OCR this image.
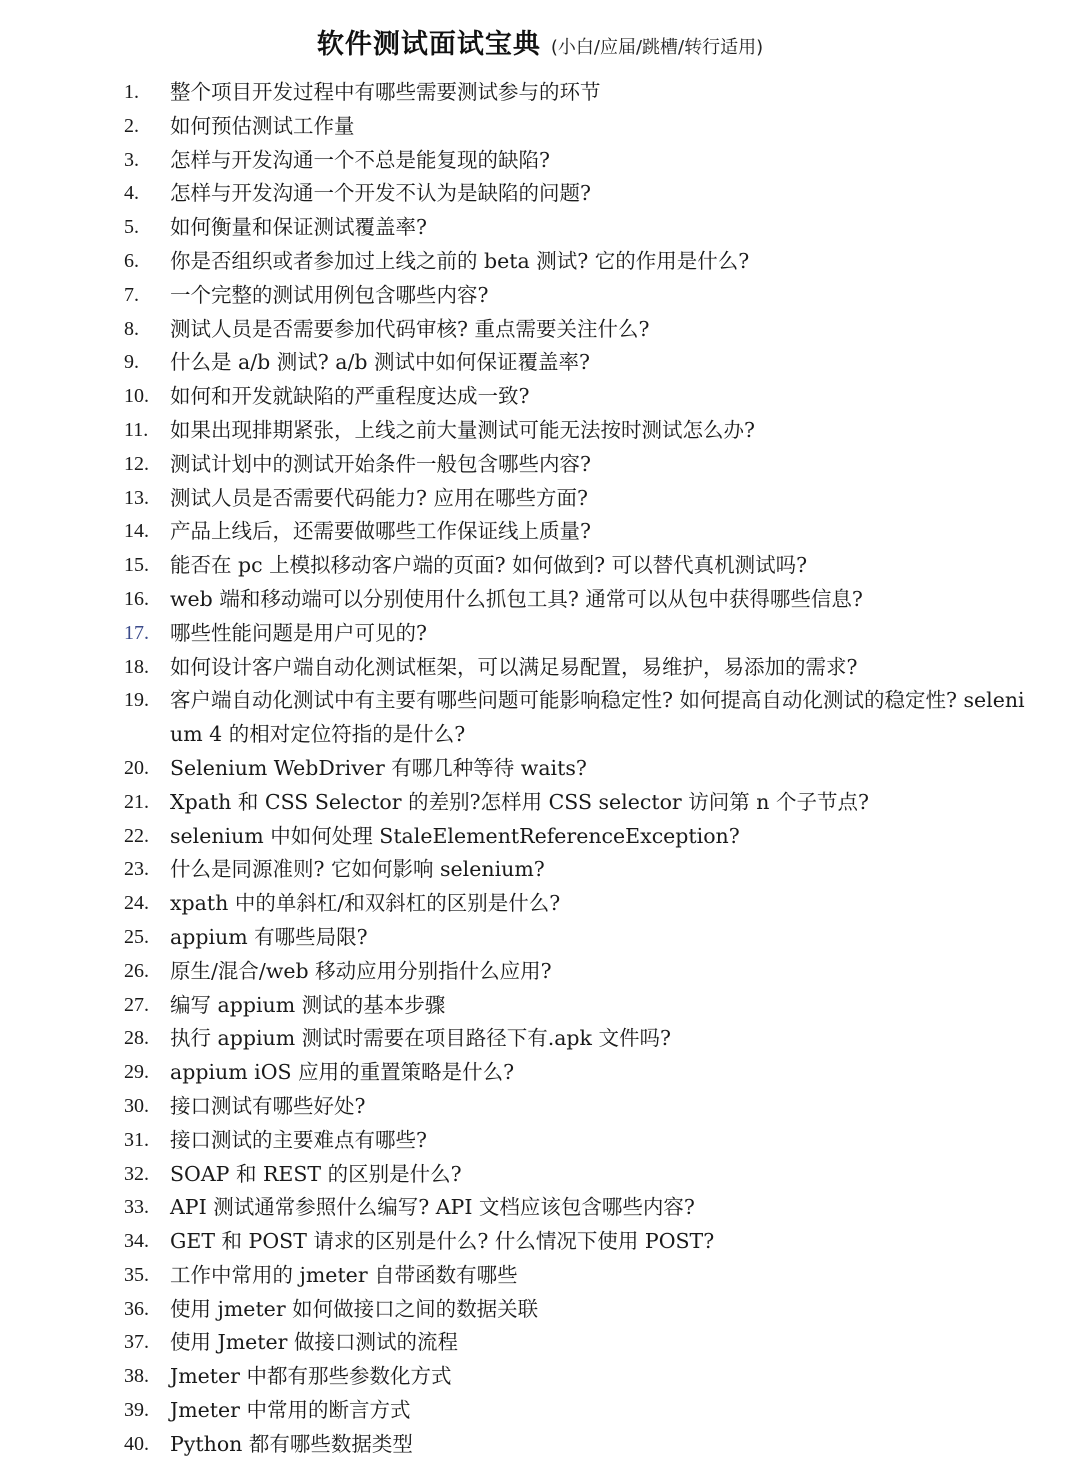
软件测试面试宝典 (小白/应届/跳槽/转行适用)
1.	整个项目开发过程中有哪些需要测试参与的环节
2.	如何预估测试工作量
3.	怎样与开发沟通一个不总是能复现的缺陷?
4.	怎样与开发沟通一个开发不认为是缺陷的问题?
5.	如何衡量和保证测试覆盖率?
6.	你是否组织或者参加过上线之前的 beta 测试? 它的作用是什么?
7.	一个完整的测试用例包含哪些内容?
8.	测试人员是否需要参加代码审核? 重点需要关注什么?
9.	什么是 a/b 测试? a/b 测试中如何保证覆盖率?
10.	如何和开发就缺陷的严重程度达成一致?
11.	如果出现排期紧张，上线之前大量测试可能无法按时测试怎么办?
12.	测试计划中的测试开始条件一般包含哪些内容?
13.	测试人员是否需要代码能力? 应用在哪些方面?
14.	产品上线后，还需要做哪些工作保证线上质量?
15.	能否在 pc 上模拟移动客户端的页面? 如何做到? 可以替代真机测试吗?
16.	web 端和移动端可以分别使用什么抓包工具? 通常可以从包中获得哪些信息?
17.	哪些性能问题是用户可见的?
18.	如何设计客户端自动化测试框架，可以满足易配置，易维护，易添加的需求?
19.	客户端自动化测试中有主要有哪些问题可能影响稳定性? 如何提高自动化测试的稳定性? selenium 4 的相对定位符指的是什么?
20.	Selenium WebDriver 有哪几种等待 waits?
21.	Xpath 和 CSS Selector 的差别?怎样用 CSS selector 访问第 n 个子节点?
22.	selenium 中如何处理 StaleElementReferenceException?
23.	什么是同源准则? 它如何影响 selenium?
24.	xpath 中的单斜杠/和双斜杠的区别是什么?
25.	appium 有哪些局限?
26.	原生/混合/web 移动应用分别指什么应用?
27.	编写 appium 测试的基本步骤
28.	执行 appium 测试时需要在项目路径下有.apk 文件吗?
29.	appium iOS 应用的重置策略是什么?
30.	接口测试有哪些好处?
31.	接口测试的主要难点有哪些?
32.	SOAP 和 REST 的区别是什么?
33.	API 测试通常参照什么编写? API 文档应该包含哪些内容?
34.	GET 和 POST 请求的区别是什么? 什么情况下使用 POST?
35.	工作中常用的 jmeter 自带函数有哪些
36.	使用 jmeter 如何做接口之间的数据关联
37.	使用 Jmeter 做接口测试的流程
38.	Jmeter 中都有那些参数化方式
39.	Jmeter 中常用的断言方式
40.	Python 都有哪些数据类型
